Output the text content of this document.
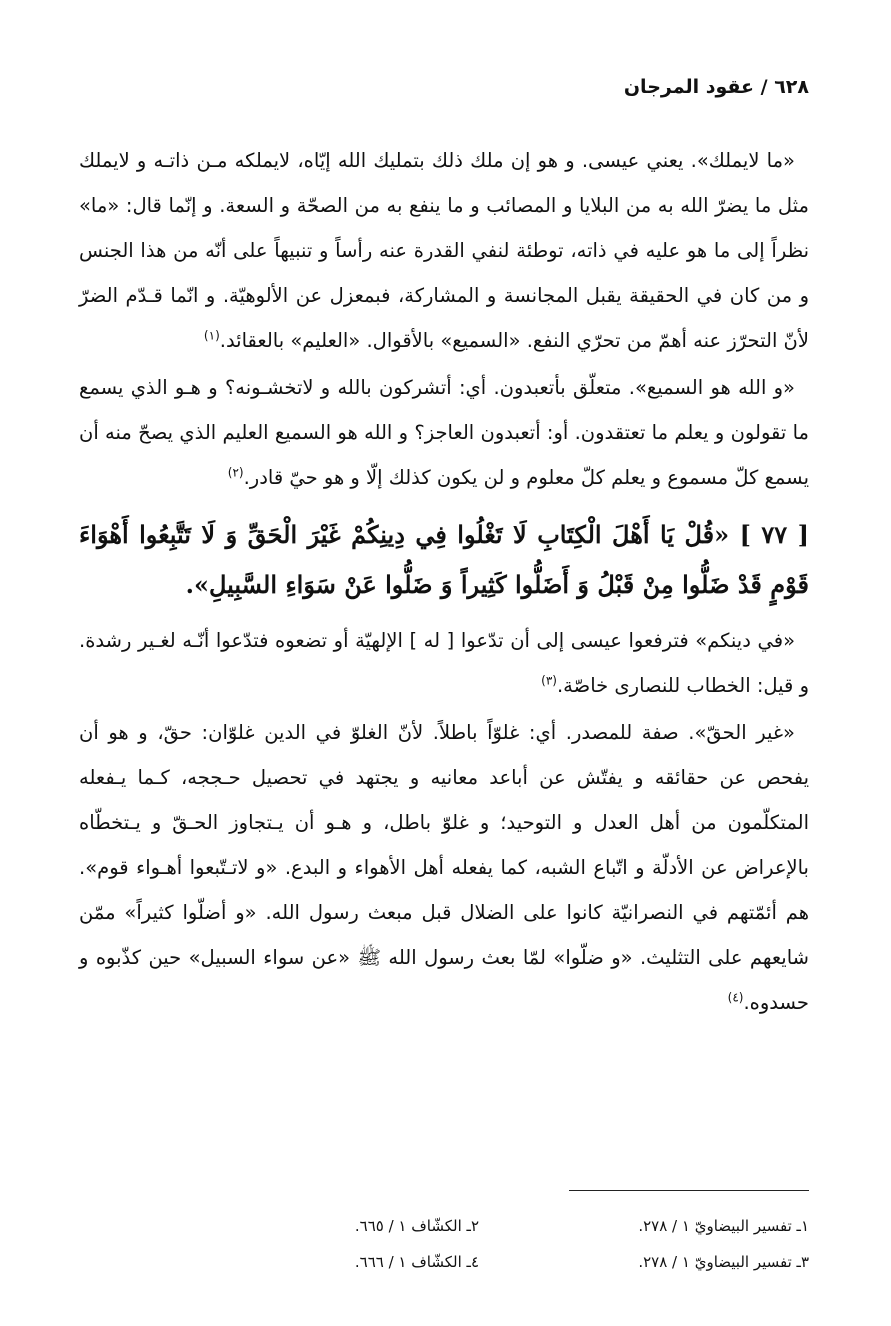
٦٢٨ / عقود المرجان

«ما لايملك». يعني عيسى. و هو إن ملك ذلك بتمليك الله إيّاه، لايملكه مـن ذاتـه و لايملك مثل ما يضرّ الله به من البلايا و المصائب و ما ينفع به من الصحّة و السعة. و إنّما قال: «ما» نظراً إلى ما هو عليه في ذاته، توطئة لنفي القدرة عنه رأساً و تنبيهاً على أنّه من هذا الجنس و من كان في الحقيقة يقبل المجانسة و المشاركة، فبمعزل عن الألوهيّة. و انّما قـدّم الضرّ لأنّ التحرّز عنه أهمّ من تحرّي النفع. «السميع» بالأقوال. «العليم» بالعقائد.$^{(١)}$

«و الله هو السميع». متعلّق بأتعبدون. أي: أتشركون بالله و لاتخشـونه؟ و هـو الذي يسمع ما تقولون و يعلم ما تعتقدون. أو: أتعبدون العاجز؟ و الله هو السميع العليم الذي يصحّ منه أن يسمع كلّ مسموع و يعلم كلّ معلوم و لن يكون كذلك إلّا و هو حيّ قادر.$^{(٢)}$

[ ٧٧ ] «قُلْ يَا أَهْلَ الْكِتَابِ لَا تَغْلُوا فِي دِينِكُمْ غَيْرَ الْحَقِّ وَ لَا تَتَّبِعُوا أَهْوَاءَ قَوْمٍ قَدْ ضَلُّوا مِنْ قَبْلُ وَ أَضَلُّوا كَثِيراً وَ ضَلُّوا عَنْ سَوَاءِ السَّبِيلِ».

«في دينكم» فترفعوا عيسى إلى أن تدّعوا [ له ] الإلهيّة أو تضعوه فتدّعوا أنّـه لغـير رشدة. و قيل: الخطاب للنصارى خاصّة.$^{(٣)}$

«غير الحقّ». صفة للمصدر. أي: غلوّاً باطلاً. لأنّ الغلوّ في الدين غلوّان: حقّ، و هو أن يفحص عن حقائقه و يفتّش عن أباعد معانيه و يجتهد في تحصيل حـججه، كـما يـفعله المتكلّمون من أهل العدل و التوحيد؛ و غلوّ باطل، و هـو أن يـتجاوز الحـقّ و يـتخطّاه بالإعراض عن الأدلّة و اتّباع الشبه، كما يفعله أهل الأهواء و البدع. «و لاتـتّبعوا أهـواء قوم». هم أئمّتهم في النصرانيّة كانوا على الضلال قبل مبعث رسول الله. «و أضلّوا كثيراً» ممّن شايعهم على التثليث. «و ضلّوا» لمّا بعث رسول الله ﷺ «عن سواء السبيل» حين كذّبوه و حسدوه.$^{(٤)}$

١ـ تفسير البيضاويّ ١ / ٢٧٨.
٢ـ الكشّاف ١ / ٦٦٥.
٣ـ تفسير البيضاويّ ١ / ٢٧٨.
٤ـ الكشّاف ١ / ٦٦٦.
